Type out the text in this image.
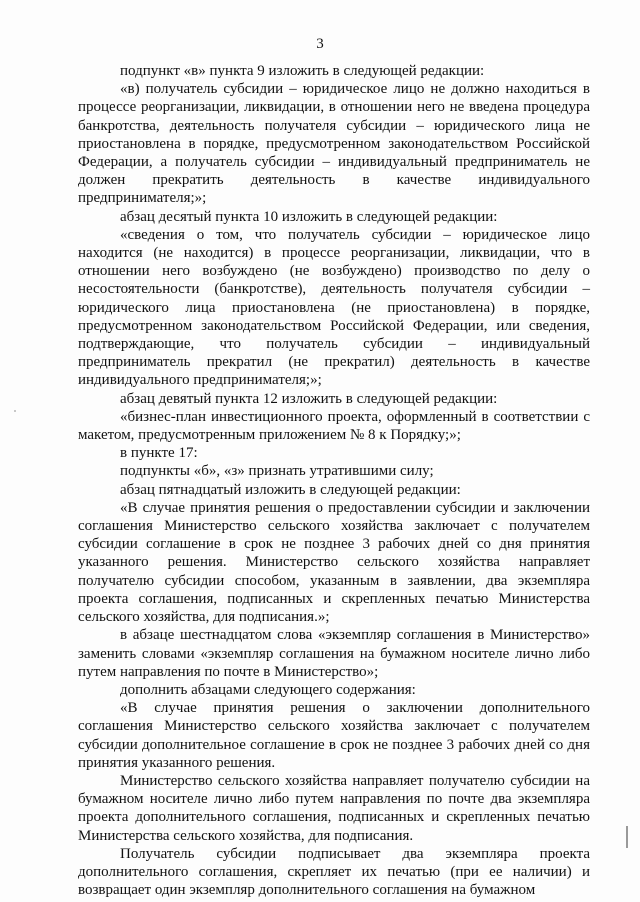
3

подпункт «в» пункта 9 изложить в следующей редакции:

«в) получатель субсидии – юридическое лицо не должно находиться в процессе реорганизации, ликвидации, в отношении него не введена процедура банкротства, деятельность получателя субсидии – юридического лица не приостановлена в порядке, предусмотренном законодательством Российской Федерации, а получатель субсидии – индивидуальный предприниматель не должен прекратить деятельность в качестве индивидуального предпринимателя;»;

абзац десятый пункта 10 изложить в следующей редакции:

«сведения о том, что получатель субсидии – юридическое лицо находится (не находится) в процессе реорганизации, ликвидации, что в отношении него возбуждено (не возбуждено) производство по делу о несостоятельности (банкротстве), деятельность получателя субсидии – юридического лица приостановлена (не приостановлена) в порядке, предусмотренном законодательством Российской Федерации, или сведения, подтверждающие, что получатель субсидии – индивидуальный предприниматель прекратил (не прекратил) деятельность в качестве индивидуального предпринимателя;»;

абзац девятый пункта 12 изложить в следующей редакции:

«бизнес-план инвестиционного проекта, оформленный в соответствии с макетом, предусмотренным приложением № 8 к Порядку;»;

в пункте 17:

подпункты «б», «з» признать утратившими силу;

абзац пятнадцатый изложить в следующей редакции:

«В случае принятия решения о предоставлении субсидии и заключении соглашения Министерство сельского хозяйства заключает с получателем субсидии соглашение в срок не позднее 3 рабочих дней со дня принятия указанного решения. Министерство сельского хозяйства направляет получателю субсидии способом, указанным в заявлении, два экземпляра проекта соглашения, подписанных и скрепленных печатью Министерства сельского хозяйства, для подписания.»;

в абзаце шестнадцатом слова «экземпляр соглашения в Министерство» заменить словами «экземпляр соглашения на бумажном носителе лично либо путем направления по почте в Министерство»;

дополнить абзацами следующего содержания:

«В случае принятия решения о заключении дополнительного соглашения Министерство сельского хозяйства заключает с получателем субсидии дополнительное соглашение в срок не позднее 3 рабочих дней со дня принятия указанного решения.

Министерство сельского хозяйства направляет получателю субсидии на бумажном носителе лично либо путем направления по почте два экземпляра проекта дополнительного соглашения, подписанных и скрепленных печатью Министерства сельского хозяйства, для подписания.

Получатель субсидии подписывает два экземпляра проекта дополнительного соглашения, скрепляет их печатью (при ее наличии) и возвращает один экземпляр дополнительного соглашения на бумажном
